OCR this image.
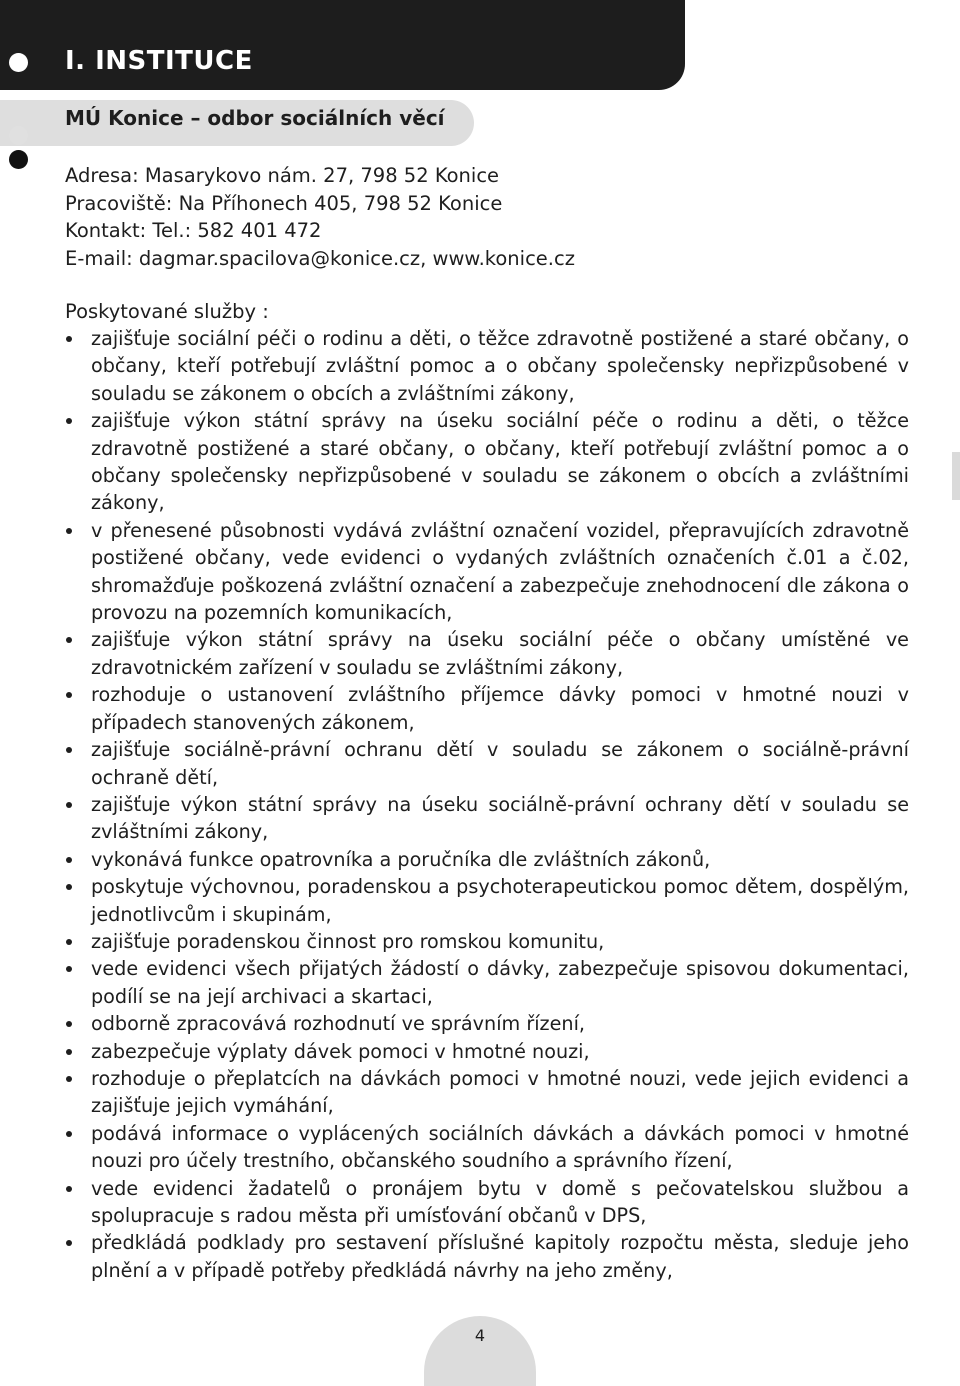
I. INSTITUCE
MÚ Konice – odbor sociálních věcí
Adresa: Masarykovo nám. 27, 798 52 Konice
Pracoviště: Na Příhonech 405, 798 52 Konice
Kontakt: Tel.: 582 401 472
E-mail: dagmar.spacilova@konice.cz, www.konice.cz
Poskytované služby :
zajišťuje sociální péči o rodinu a děti, o těžce zdravotně postižené a staré občany, o občany, kteří potřebují zvláštní pomoc a o občany společensky nepřizpůsobené v souladu se zákonem o obcích a zvláštními zákony,
zajišťuje výkon státní správy na úseku sociální péče o rodinu a děti, o těžce zdravotně postižené a staré občany, o občany, kteří potřebují zvláštní pomoc a o občany společensky nepřizpůsobené v souladu se zákonem o obcích a zvláštními zákony,
v přenesené působnosti vydává zvláštní označení vozidel, přepravujících zdravotně postižené občany, vede evidenci o vydaných zvláštních označeních č.01 a č.02, shromažďuje poškozená zvláštní označení a zabezpečuje znehodnocení dle zákona o provozu na pozemních komunikacích,
zajišťuje výkon státní správy na úseku sociální péče o občany umístěné ve zdravotnickém zařízení v souladu se zvláštními zákony,
rozhoduje o ustanovení zvláštního příjemce dávky pomoci v hmotné nouzi v případech stanovených zákonem,
zajišťuje sociálně-právní ochranu dětí v souladu se zákonem o sociálně-právní ochraně dětí,
zajišťuje výkon státní správy na úseku sociálně-právní ochrany dětí v souladu se zvláštními zákony,
vykonává funkce opatrovníka a poručníka dle zvláštních zákonů,
poskytuje výchovnou, poradenskou a psychoterapeutickou pomoc dětem, dospělým, jednotlivcům i skupinám,
zajišťuje poradenskou činnost pro romskou komunitu,
vede evidenci všech přijatých žádostí o dávky, zabezpečuje spisovou dokumentaci, podílí se na její archivaci a skartaci,
odborně zpracovává rozhodnutí ve správním řízení,
zabezpečuje výplaty dávek pomoci v hmotné nouzi,
rozhoduje o přeplatcích na dávkách pomoci v hmotné nouzi, vede jejich evidenci a zajišťuje jejich vymáhání,
podává informace o vyplácených sociálních dávkách a dávkách pomoci v hmotné nouzi pro účely trestního, občanského soudního a správního řízení,
vede evidenci žadatelů o pronájem bytu v domě s pečovatelskou službou a spolupracuje s radou města při umísťování občanů v DPS,
předkládá podklady pro sestavení příslušné kapitoly rozpočtu města, sleduje jeho plnění a v případě potřeby předkládá návrhy na jeho změny,
4
